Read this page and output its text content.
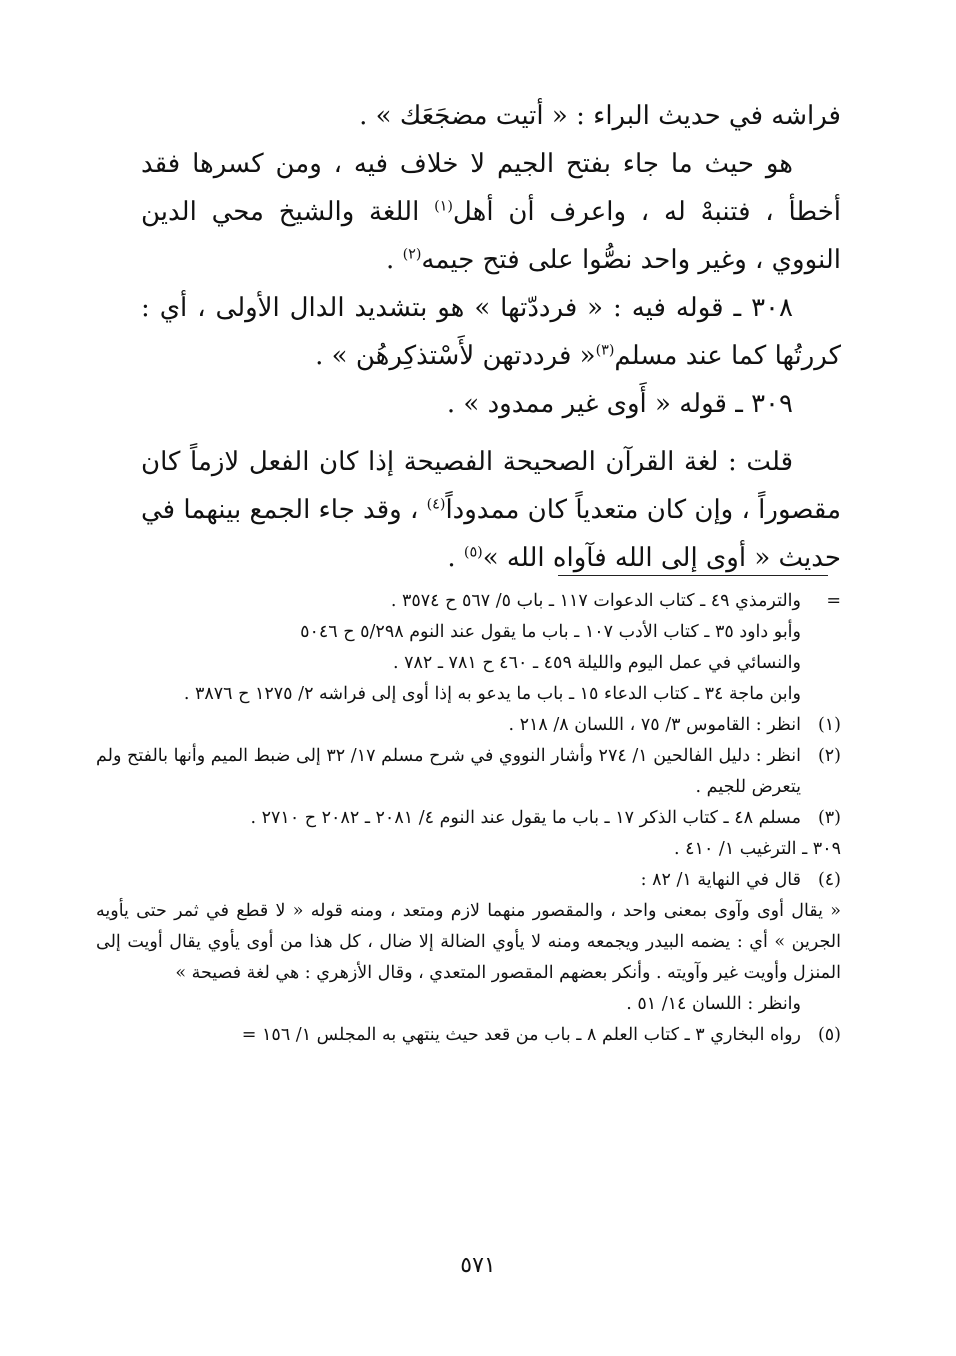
فراشه في حديث البراء : « أتيت مضجَعَك » .

هو حيث ما جاء بفتح الجيم لا خلاف فيه ، ومن كسرها فقد أخطأ ، فتنبهْ له ، واعرف أن أهل$^{(١)}$ اللغة والشيخ محي الدين النووي ، وغير واحد نصُّوا على فتح جيمه$^{(٢)}$ .

٣٠٨ ـ قوله فيه : « فرددّتها » هو بتشديد الدال الأولى ، أي : كررتُها كما عند مسلم$^{(٣)}$« فرددتهن لأَسْتذكِرهُن » .

٣٠٩ ـ قوله « أَوى غير ممدود » .

قلت : لغة القرآن الصحيحة الفصيحة إذا كان الفعل لازماً كان مقصوراً ، وإن كان متعدياً كان ممدوداً$^{(٤)}$ ، وقد جاء الجمع بينهما في حديث « أوى إلى الله فآواه الله »$^{(٥)}$ .

=
والترمذي ٤٩ ـ كتاب الدعوات ١١٧ ـ باب ٥/ ٥٦٧ ح ٣٥٧٤ .
وأبو داود ٣٥ ـ كتاب الأدب ١٠٧ ـ باب ما يقول عند النوم ٥/٢٩٨ ح ٥٠٤٦
والنسائي في عمل اليوم والليلة ٤٥٩ ـ ٤٦٠ ح ٧٨١ ـ ٧٨٢ .
وابن ماجة ٣٤ ـ كتاب الدعاء ١٥ ـ باب ما يدعو به إذا أوى إلى فراشه ٢/ ١٢٧٥ ح ٣٨٧٦ .
(١)
انظر : القاموس ٣/ ٧٥ ، اللسان ٨/ ٢١٨ .
(٢)
انظر : دليل الفالحين ١/ ٢٧٤ وأشار النووي في شرح مسلم ١٧/ ٣٢ إلى ضبط الميم وأنها بالفتح ولم يتعرض للجيم .
(٣)
مسلم ٤٨ ـ كتاب الذكر ١٧ ـ باب ما يقول عند النوم ٤/ ٢٠٨١ ـ ٢٠٨٢ ح ٢٧١٠ .
٣٠٩ ـ الترغيب ١/ ٤١٠ .
(٤)
قال في النهاية ١/ ٨٢ :

« يقال أوى وآوى بمعنى واحد ، والمقصور منهما لازم ومتعد ، ومنه قوله « لا قطع في ثمر حتى يأويه الجرين » أي : يضمه البيدر ويجمعه ومنه لا يأوي الضالة إلا ضال ، كل هذا من أوى يأوي يقال أويت إلى المنزل وأويت غير وآويته . وأنكر بعضهم المقصور المتعدي ، وقال الأزهري : هي لغة فصيحة »

وانظر : اللسان ١٤/ ٥١ .
(٥)
رواه البخاري ٣ ـ كتاب العلم ٨ ـ باب من قعد حيث ينتهي به المجلس ١/ ١٥٦ =
٥٧١
